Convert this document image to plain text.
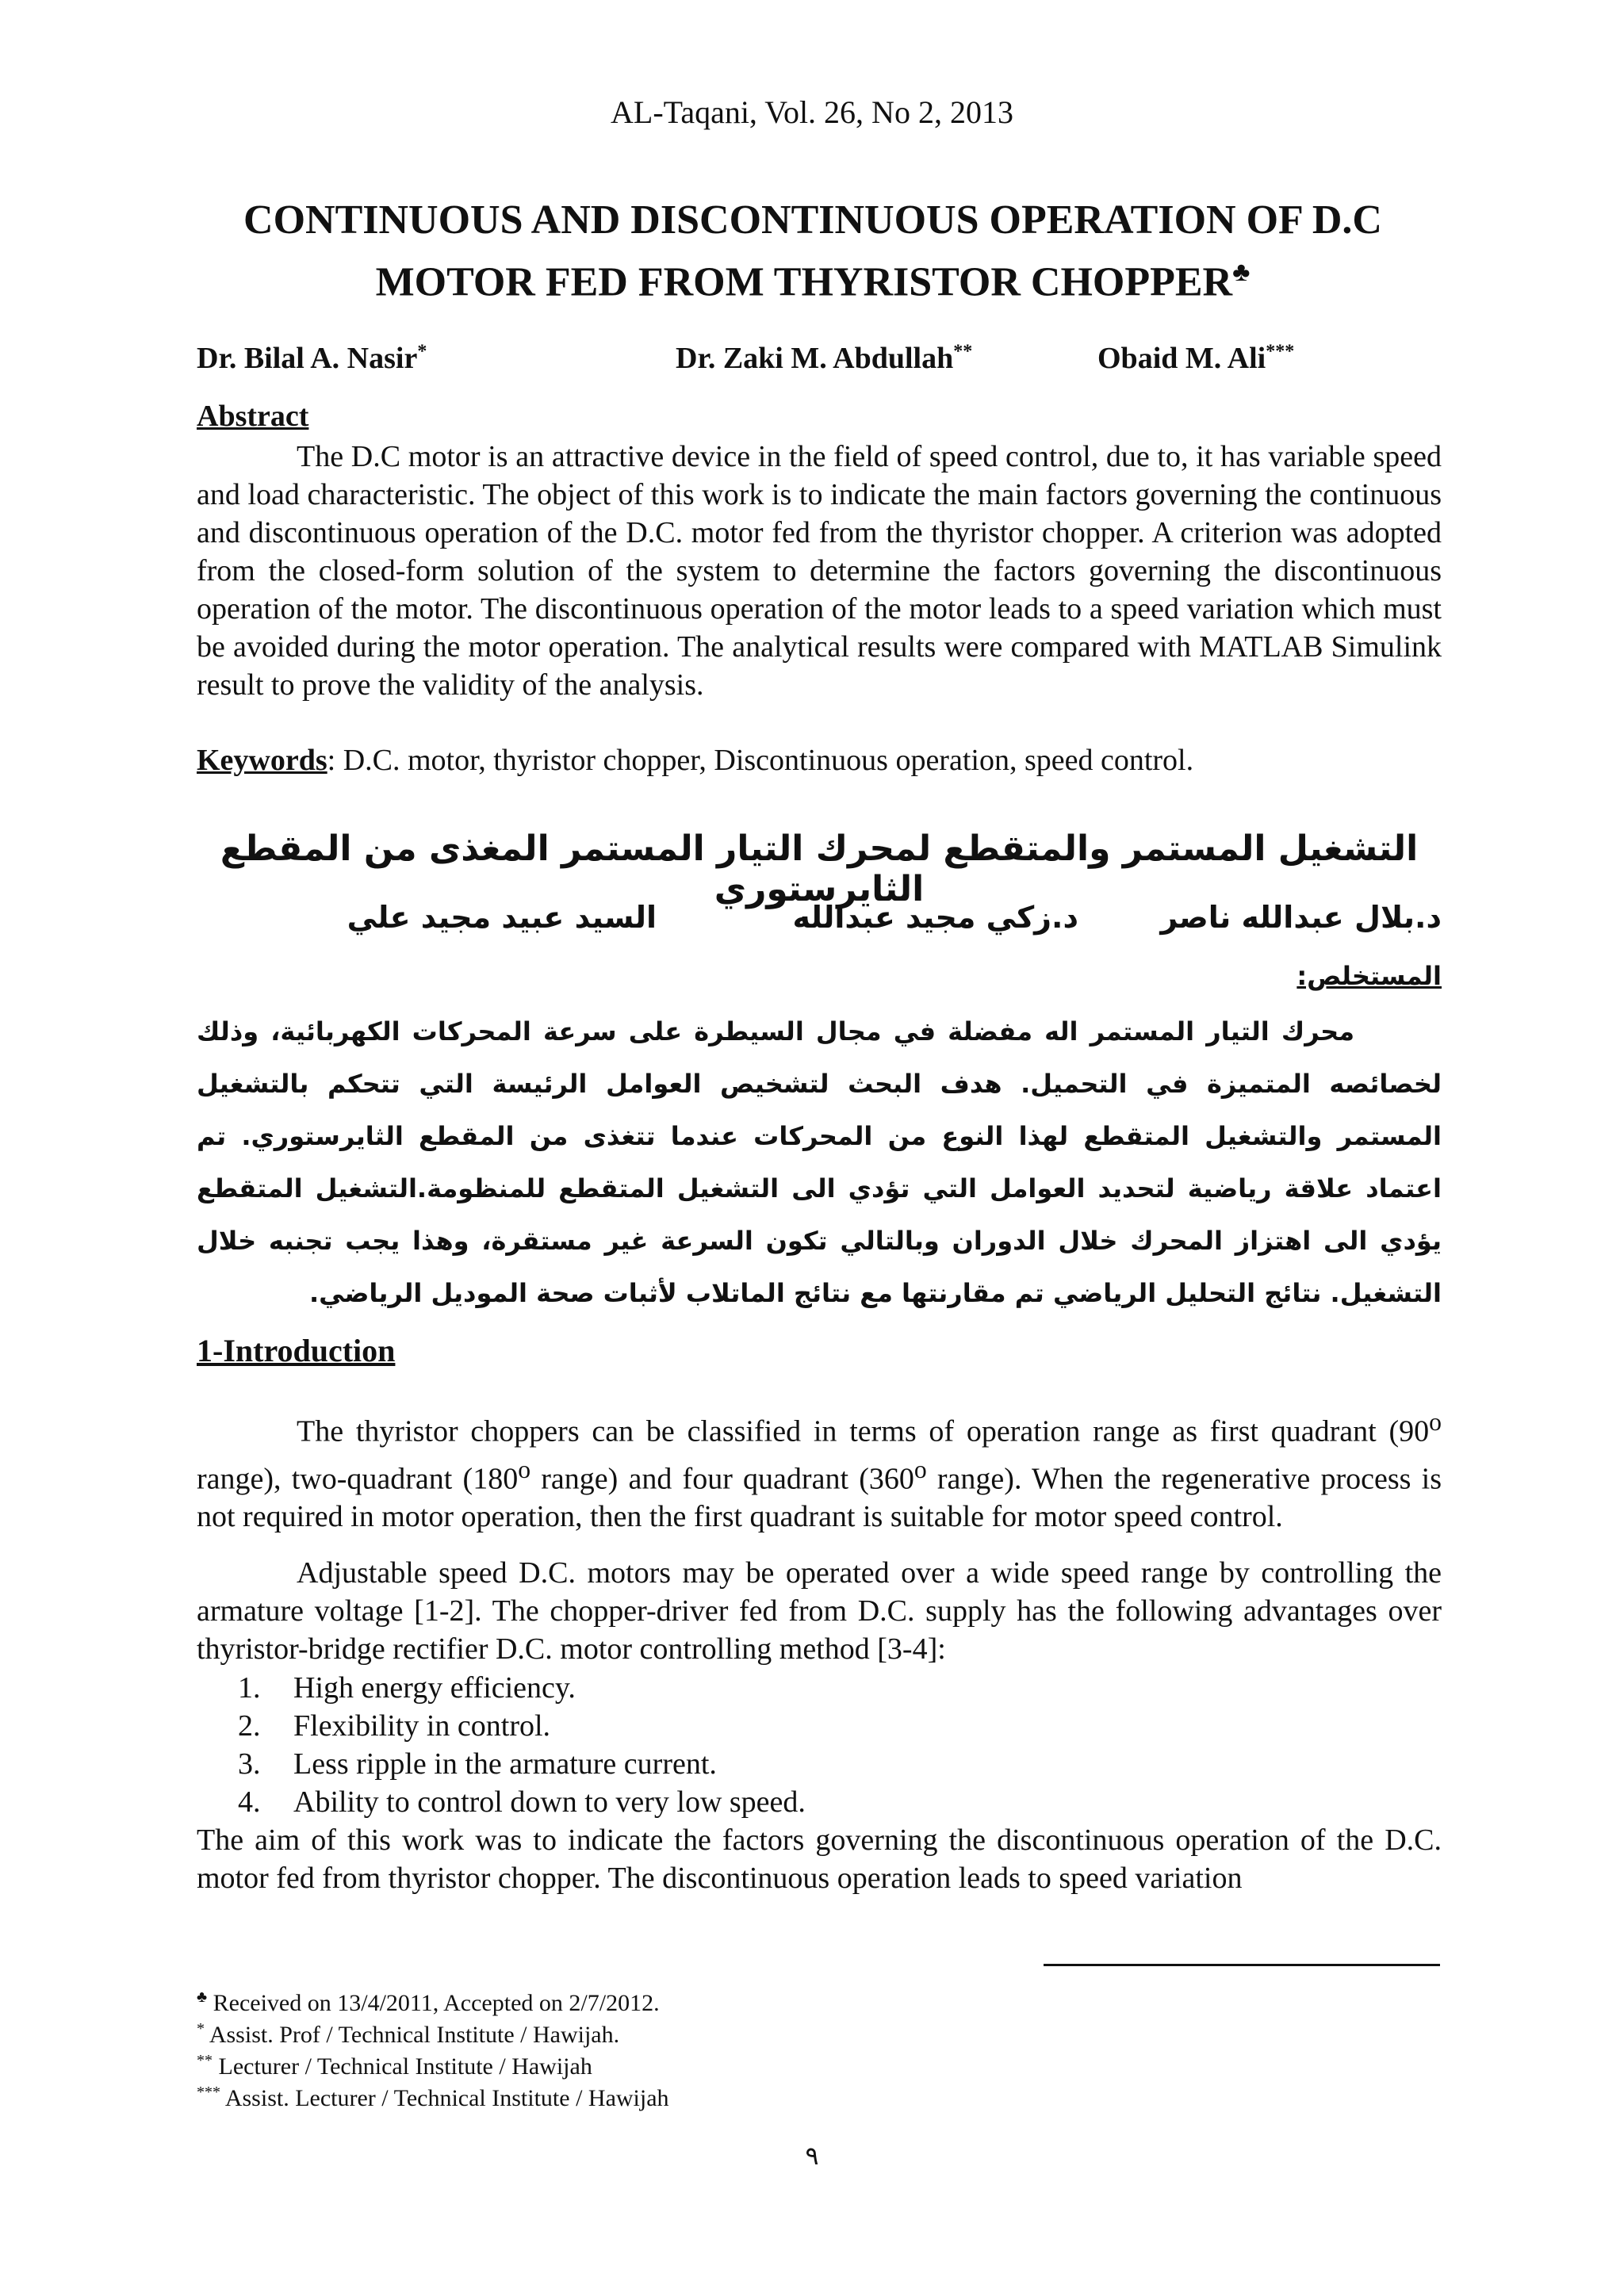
AL-Taqani, Vol. 26, No 2, 2013
CONTINUOUS AND DISCONTINUOUS OPERATION OF D.C
MOTOR FED FROM THYRISTOR CHOPPER♣
Dr. Bilal A. Nasir*	Dr. Zaki M. Abdullah**	Obaid M. Ali***
Abstract
The D.C motor is an attractive device in the field of speed control, due to, it has variable speed and load characteristic. The object of this work is to indicate the main factors governing the continuous and discontinuous operation of the D.C. motor fed from the thyristor chopper. A criterion was adopted from the closed-form solution of the system to determine the factors governing the discontinuous operation of the motor. The discontinuous operation of the motor leads to a speed variation which must be avoided during the motor operation. The analytical results were compared with MATLAB Simulink result to prove the validity of the analysis.
Keywords: D.C. motor, thyristor chopper, Discontinuous operation, speed control.
التشغيل المستمر والمتقطع لمحرك التيار المستمر المغذى من المقطع الثايرستوري
د.بلال عبدالله ناصر
د.زكي مجيد عبدالله
السيد عبيد مجيد علي
المستخلص:
محرك التيار المستمر اله مفضلة في مجال السيطرة على سرعة المحركات الكهربائية، وذلك لخصائصه المتميزة في التحميل. هدف البحث لتشخيص العوامل الرئيسة التي تتحكم بالتشغيل المستمر والتشغيل المتقطع لهذا النوع من المحركات عندما تتغذى من المقطع الثايرستوري. تم اعتماد علاقة رياضية لتحديد العوامل التي تؤدي الى التشغيل المتقطع للمنظومة.التشغيل المتقطع يؤدي الى اهتزاز المحرك خلال الدوران وبالتالي تكون السرعة غير مستقرة، وهذا يجب تجنبه خلال التشغيل. نتائج التحليل الرياضي تم مقارنتها مع نتائج الماتلاب لأثبات صحة الموديل الرياضي.
1-Introduction
The thyristor choppers can be classified in terms of operation range as first quadrant (90$^o$ range), two-quadrant (180$^o$ range) and four quadrant (360$^o$ range). When the regenerative process is not required in motor operation, then the first quadrant is suitable for motor speed control.
Adjustable speed D.C. motors may be operated over a wide speed range by controlling the armature voltage [1-2]. The chopper-driver fed from D.C. supply has the following advantages over thyristor-bridge rectifier D.C. motor controlling method [3-4]:
1. High energy efficiency.
2. Flexibility in control.
3. Less ripple in the armature current.
4. Ability to control down to very low speed.
The aim of this work was to indicate the factors governing the discontinuous operation of the D.C. motor fed from thyristor chopper. The discontinuous operation leads to speed variation
♣ Received on 13/4/2011, Accepted on 2/7/2012.
* Assist. Prof / Technical Institute / Hawijah.
** Lecturer / Technical Institute / Hawijah
*** Assist. Lecturer / Technical Institute / Hawijah
٩
